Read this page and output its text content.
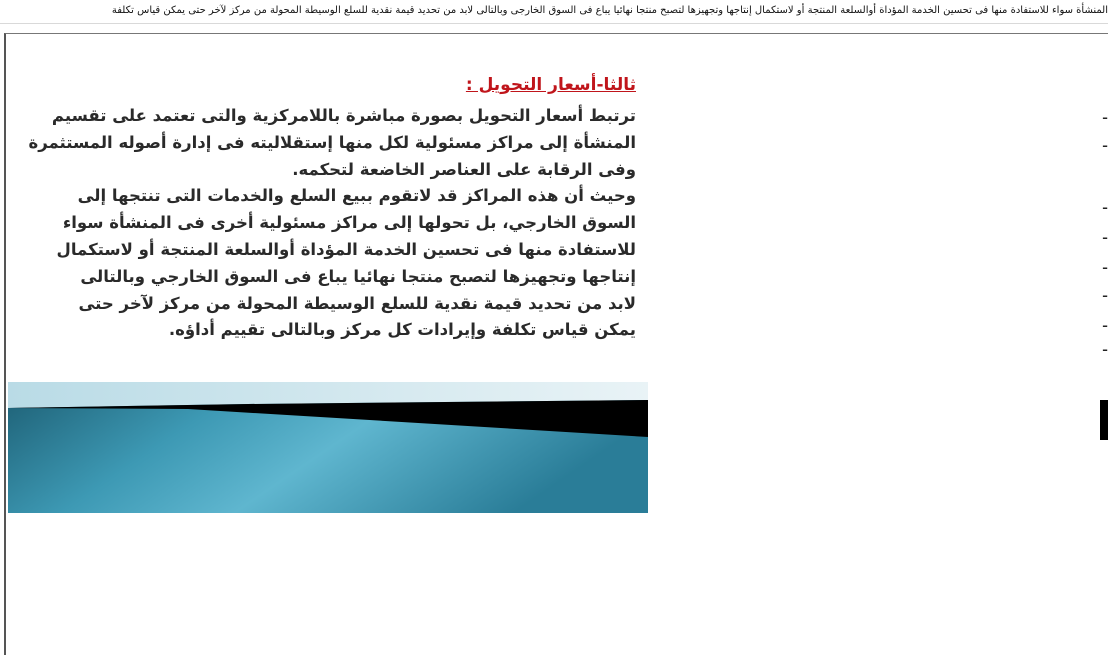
المنشأة سواء للاستفادة منها فى تحسين الخدمة المؤداة أوالسلعة المنتجة أو لاستكمال إنتاجها وتجهيزها لتصبح منتجا نهائيا يباع فى السوق الخارجى وبالتالى لابد من تحديد قيمة نقدية للسلع الوسيطة المحولة من مركز لآخر حتى يمكن قياس تكلفة
ثالثا-أسعار التحويل :
ترتبط أسعار التحويل بصورة مباشرة باللامركزية والتى تعتمد على تقسيم
المنشأة إلى مراكز مسئولية لكل منها إستقلاليته فى إدارة أصوله المستثمرة
وفى الرقابة على العناصر الخاضعة لتحكمه.
وحيث أن هذه المراكز قد لاتقوم ببيع السلع والخدمات التى تنتجها إلى
السوق الخارجي، بل تحولها إلى مراكز مسئولية أخرى فى المنشأة سواء
للاستفادة منها فى تحسين الخدمة المؤداة أوالسلعة المنتجة أو لاستكمال
إنتاجها وتجهيزها لتصبح منتجا نهائيا يباع فى السوق الخارجي وبالتالى
لابد من تحديد قيمة نقدية للسلع الوسيطة المحولة من مركز لآخر حتى
يمكن قياس تكلفة وإيرادات كل مركز وبالتالى تقييم أداؤه.
ـ
ـ
ـ
ـ
ـ
ـ
ـ
ـ
